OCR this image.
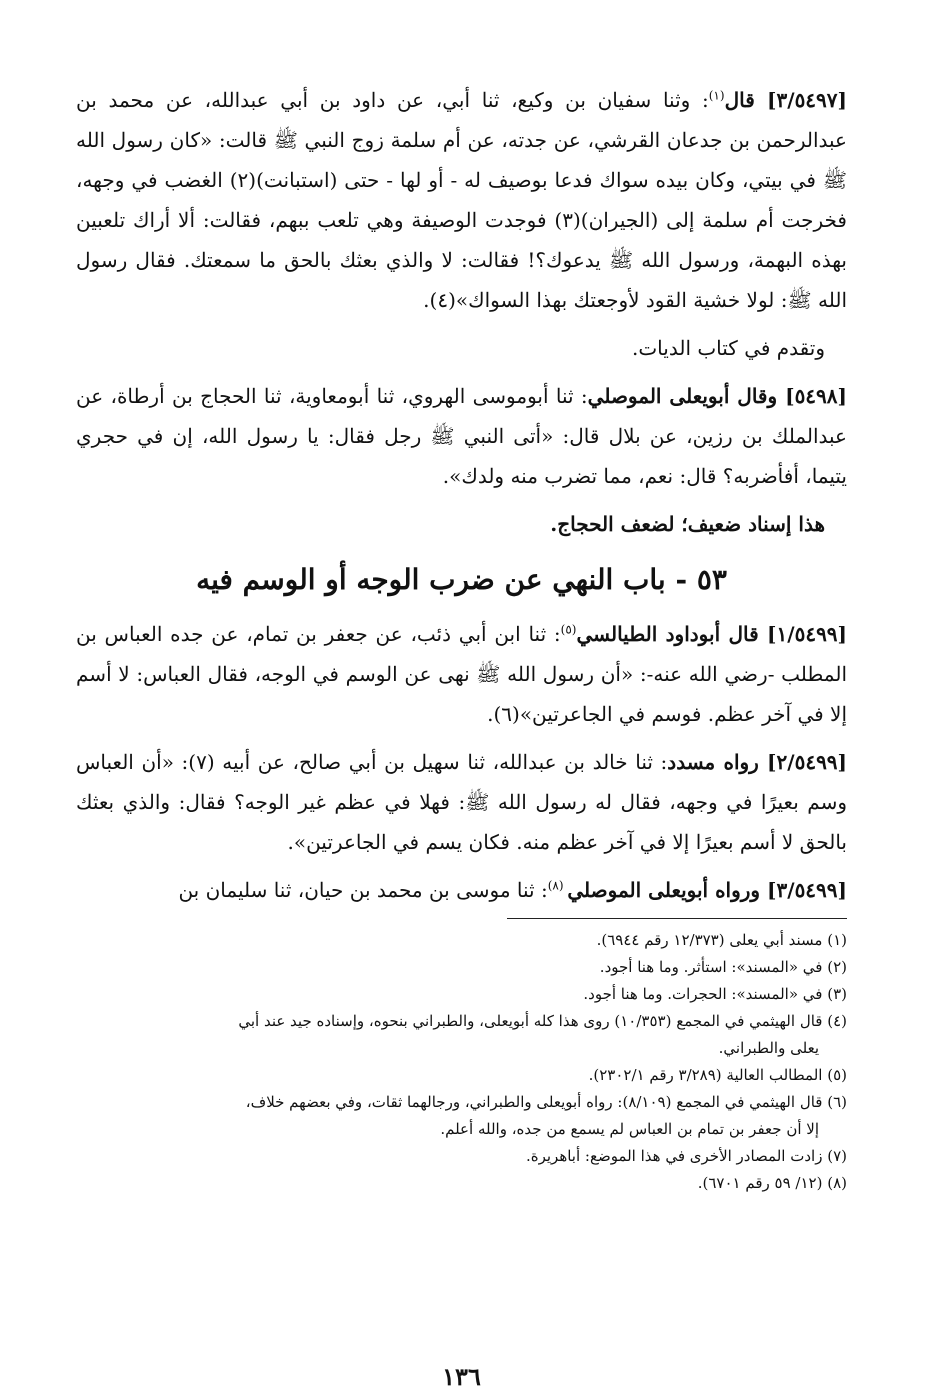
[٣/٥٤٩٧] قال$^{(١)}$: وثنا سفيان بن وكيع، ثنا أبي، عن داود بن أبي عبدالله، عن محمد بن عبدالرحمن بن جدعان القرشي، عن جدته، عن أم سلمة زوج النبي ﷺ قالت: «كان رسول الله ﷺ في بيتي، وكان بيده سواك فدعا بوصيف له - أو لها - حتى (استبانت)(٢) الغضب في وجهه، فخرجت أم سلمة إلى (الجيران)(٣) فوجدت الوصيفة وهي تلعب ببهم، فقالت: ألا أراك تلعبين بهذه البهمة، ورسول الله ﷺ يدعوك؟! فقالت: لا والذي بعثك بالحق ما سمعتك. فقال رسول الله ﷺ: لولا خشية القود لأوجعتك بهذا السواك»(٤).

وتقدم في كتاب الديات.

[٥٤٩٨] وقال أبويعلى الموصلي: ثنا أبوموسى الهروي، ثنا أبومعاوية، ثنا الحجاج بن أرطاة، عن عبدالملك بن رزين، عن بلال قال: «أتى النبي ﷺ رجل فقال: يا رسول الله، إن في حجري يتيما، أفأضربه؟ قال: نعم، مما تضرب منه ولدك».

هذا إسناد ضعيف؛ لضعف الحجاج.

٥٣ - باب النهي عن ضرب الوجه أو الوسم فيه

[١/٥٤٩٩] قال أبوداود الطيالسي$^{(٥)}$: ثنا ابن أبي ذئب، عن جعفر بن تمام، عن جده العباس بن المطلب -رضي الله عنه-: «أن رسول الله ﷺ نهى عن الوسم في الوجه، فقال العباس: لا أسم إلا في آخر عظم. فوسم في الجاعرتين»(٦).

[٢/٥٤٩٩] رواه مسدد: ثنا خالد بن عبدالله، ثنا سهيل بن أبي صالح، عن أبيه (٧): «أن العباس وسم بعيرًا في وجهه، فقال له رسول الله ﷺ: فهلا في عظم غير الوجه؟ فقال: والذي بعثك بالحق لا أسم بعيرًا إلا في آخر عظم منه. فكان يسم في الجاعرتين».

[٣/٥٤٩٩] ورواه أبويعلى الموصلي $^{(٨)}$: ثنا موسى بن محمد بن حيان، ثنا سليمان بن

(١) مسند أبي يعلى (١٢/٣٧٣ رقم ٦٩٤٤).

(٢) في «المسند»: استأثر. وما هنا أجود.

(٣) في «المسند»: الحجرات. وما هنا أجود.

(٤) قال الهيثمي في المجمع (١٠/٣٥٣) روى هذا كله أبويعلى، والطبراني بنحوه، وإسناده جيد عند أبي

يعلى والطبراني.

(٥) المطالب العالية (٣/٢٨٩ رقم ٢٣٠٢/١).

(٦) قال الهيثمي في المجمع (٨/١٠٩): رواه أبويعلى والطبراني، ورجالهما ثقات، وفي بعضهم خلاف،

إلا أن جعفر بن تمام بن العباس لم يسمع من جده، والله أعلم.

(٧) زادت المصادر الأخرى في هذا الموضع: أباهريرة.

(٨) (١٢/ ٥٩ رقم ٦٧٠١).

١٣٦
